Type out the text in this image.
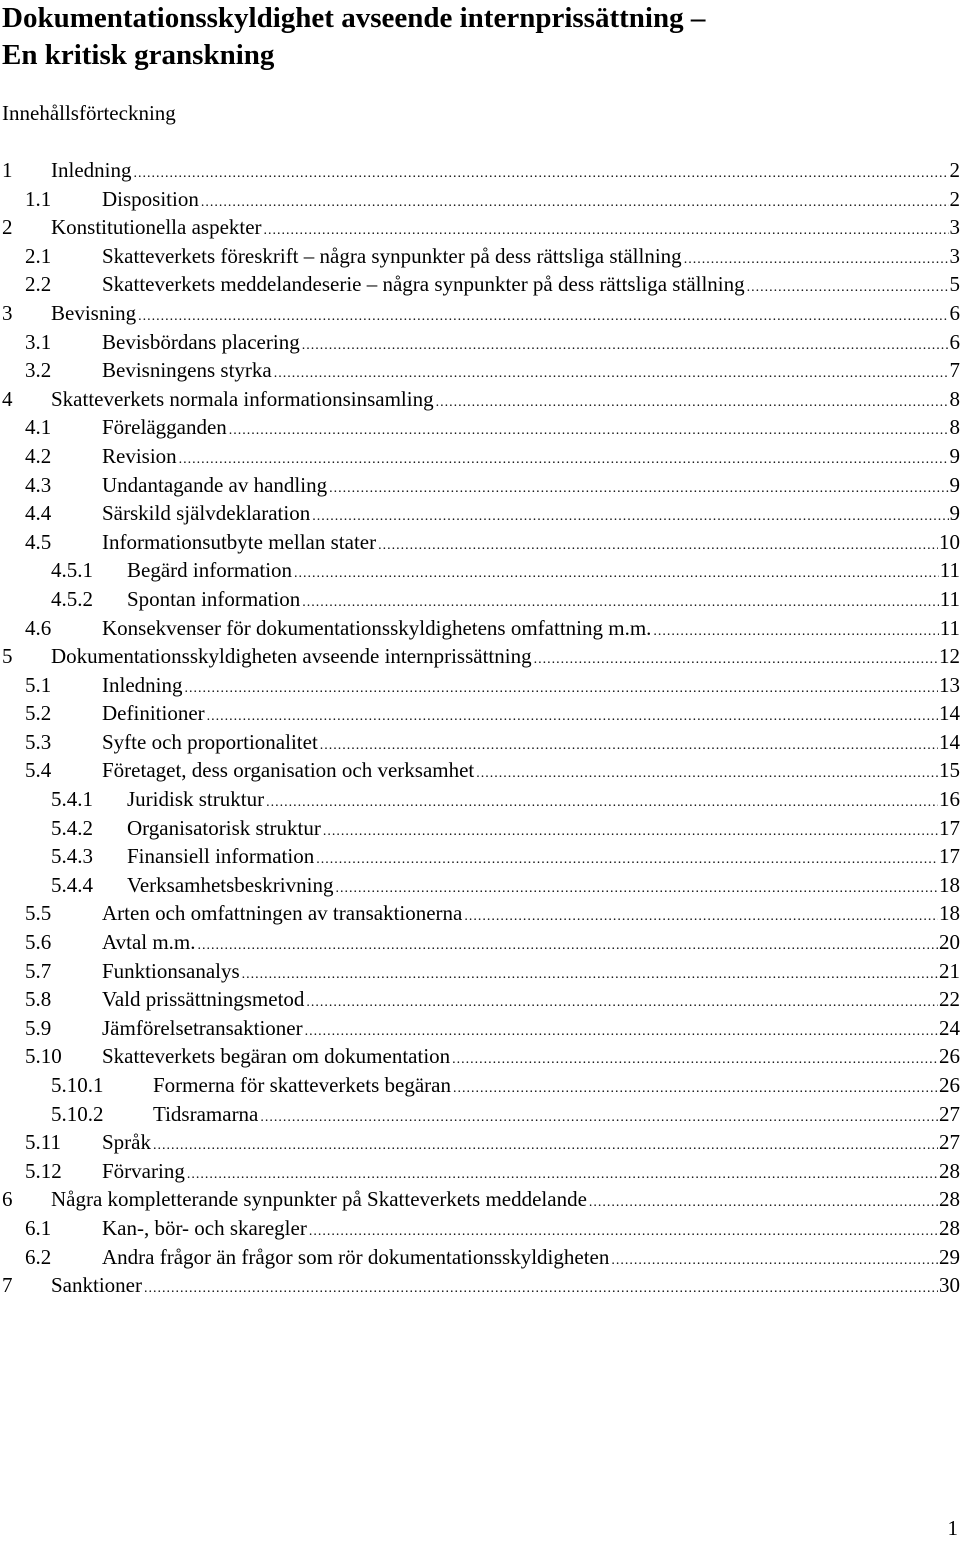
Dokumentationsskyldighet avseende internprissättning –
En kritisk granskning
Innehållsförteckning
1 Inledning .....	2
1.1 Disposition .....	2
2 Konstitutionella aspekter .....	3
2.1 Skatteverkets föreskrift – några synpunkter på dess rättsliga ställning .....	3
2.2 Skatteverkets meddelandeserie – några synpunkter på dess rättsliga ställning .....	5
3 Bevisning .....	6
3.1 Bevisbördans placering .....	6
3.2 Bevisningens styrka .....	7
4 Skatteverkets normala informationsinsamling .....	8
4.1 Förelägganden .....	8
4.2 Revision .....	9
4.3 Undantagande av handling .....	9
4.4 Särskild självdeklaration .....	9
4.5 Informationsutbyte mellan stater .....	10
4.5.1 Begärd information .....	11
4.5.2 Spontan information .....	11
4.6 Konsekvenser för dokumentationsskyldighetens omfattning m.m. .....	11
5 Dokumentationsskyldigheten avseende internprissättning .....	12
5.1 Inledning .....	13
5.2 Definitioner .....	14
5.3 Syfte och proportionalitet .....	14
5.4 Företaget, dess organisation och verksamhet .....	15
5.4.1 Juridisk struktur .....	16
5.4.2 Organisatorisk struktur .....	17
5.4.3 Finansiell information .....	17
5.4.4 Verksamhetsbeskrivning .....	18
5.5 Arten och omfattningen av transaktionerna .....	18
5.6 Avtal m.m. .....	20
5.7 Funktionsanalys .....	21
5.8 Vald prissättningsmetod .....	22
5.9 Jämförelsetransaktioner .....	24
5.10 Skatteverkets begäran om dokumentation .....	26
5.10.1 Formerna för skatteverkets begäran .....	26
5.10.2 Tidsramarna .....	27
5.11 Språk .....	27
5.12 Förvaring .....	28
6 Några kompletterande synpunkter på Skatteverkets meddelande .....	28
6.1 Kan-, bör- och skaregler .....	28
6.2 Andra frågor än frågor som rör dokumentationsskyldigheten .....	29
7 Sanktioner .....	30
1
